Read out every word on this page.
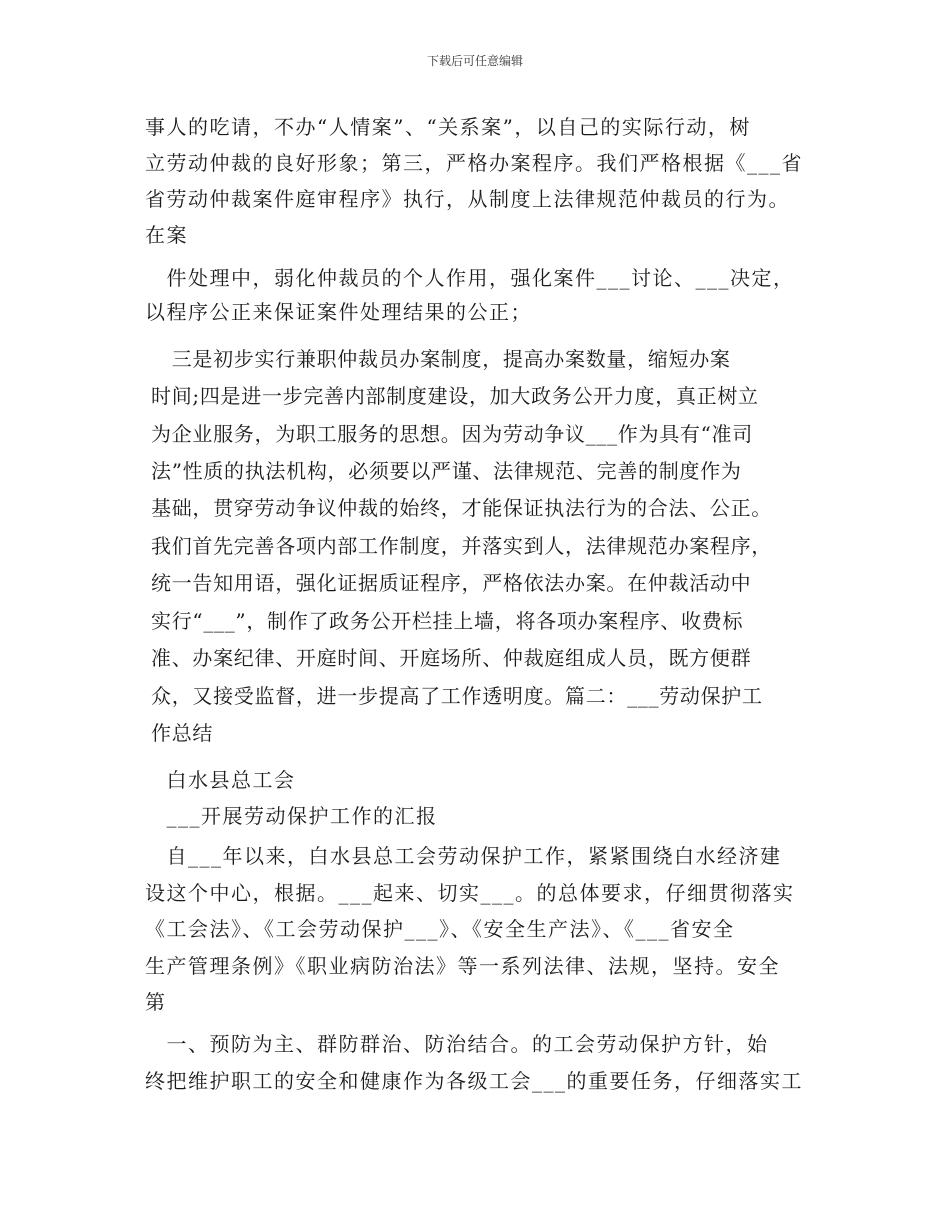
下载后可任意编辑
事人的吃请，不办“人情案”、“关系案”，以自己的实际行动，树
立劳动仲裁的良好形象；第三，严格办案程序。我们严格根据《___省
省劳动仲裁案件庭审程序》执行，从制度上法律规范仲裁员的行为。
在案
　件处理中，弱化仲裁员的个人作用，强化案件___讨论、___决定，
以程序公正来保证案件处理结果的公正；
　三是初步实行兼职仲裁员办案制度，提高办案数量，缩短办案
时间;四是进一步完善内部制度建设，加大政务公开力度，真正树立
为企业服务，为职工服务的思想。因为劳动争议___作为具有“准司
法”性质的执法机构，必须要以严谨、法律规范、完善的制度作为
基础，贯穿劳动争议仲裁的始终，才能保证执法行为的合法、公正。
我们首先完善各项内部工作制度，并落实到人，法律规范办案程序，
统一告知用语，强化证据质证程序，严格依法办案。在仲裁活动中
实行“___”，制作了政务公开栏挂上墙，将各项办案程序、收费标
准、办案纪律、开庭时间、开庭场所、仲裁庭组成人员，既方便群
众，又接受监督，进一步提高了工作透明度。篇二：___劳动保护工
作总结
　白水县总工会
　___开展劳动保护工作的汇报
　自___年以来，白水县总工会劳动保护工作，紧紧围绕白水经济建
设这个中心，根据。___起来、切实___。的总体要求，仔细贯彻落实
《工会法》、《工会劳动保护___》、《安全生产法》、《___省安全
生产管理条例》《职业病防治法》等一系列法律、法规，坚持。安全
第
　一、预防为主、群防群治、防治结合。的工会劳动保护方针，始
终把维护职工的安全和健康作为各级工会___的重要任务，仔细落实工
